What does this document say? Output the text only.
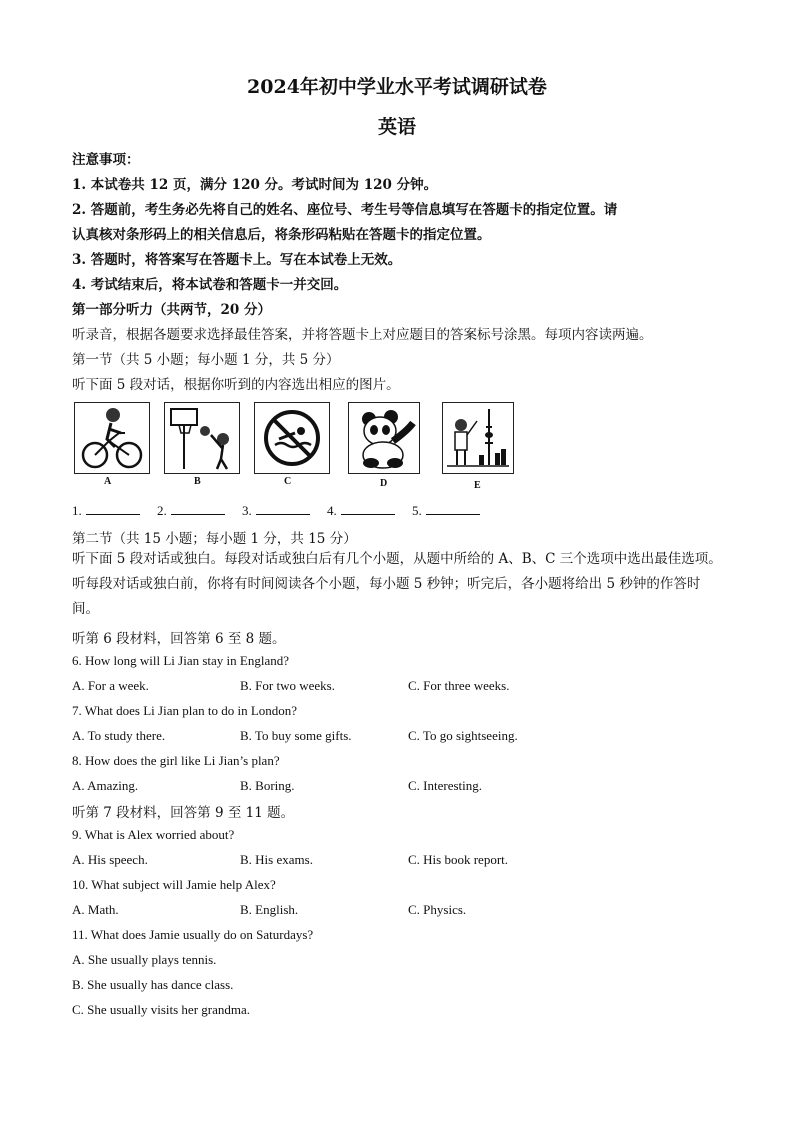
2024年初中学业水平考试调研试卷
英语
注意事项：
1. 本试卷共 12 页，满分 120 分。考试时间为 120 分钟。
2. 答题前，考生务必先将自己的姓名、座位号、考生号等信息填写在答题卡的指定位置。请
认真核对条形码上的相关信息后，将条形码粘贴在答题卡的指定位置。
3. 答题时，将答案写在答题卡上。写在本试卷上无效。
4. 考试结束后，将本试卷和答题卡一并交回。
第一部分听力（共两节，20 分）
听录音，根据各题要求选择最佳答案，并将答题卡上对应题目的答案标号涂黑。每项内容读两遍。
第一节（共 5 小题；每小题 1 分，共 5 分）
听下面 5 段对话，根据你听到的内容选出相应的图片。
A	B	C	D	E
1.	2.	3.	4.	5.
第二节（共 15 小题；每小题 1 分，共 15 分）
听下面 5 段对话或独白。每段对话或独白后有几个小题，从题中所给的 A、B、C 三个选项中选出最佳选项。听每段对话或独白前，你将有时间阅读各个小题，每小题 5 秒钟；听完后，各小题将给出 5 秒钟的作答时间。
听第 6 段材料，回答第 6 至 8 题。
6. How long will Li Jian stay in England?
A. For a week.	B. For two weeks.	C. For three weeks.
7. What does Li Jian plan to do in London?
A. To study there.	B. To buy some gifts.	C. To go sightseeing.
8. How does the girl like Li Jian’s plan?
A. Amazing.	B. Boring.	C. Interesting.
听第 7 段材料，回答第 9 至 11 题。
9. What is Alex worried about?
A. His speech.	B. His exams.	C. His book report.
10. What subject will Jamie help Alex?
A. Math.	B. English.	C. Physics.
11. What does Jamie usually do on Saturdays?
A. She usually plays tennis.
B. She usually has dance class.
C. She usually visits her grandma.
